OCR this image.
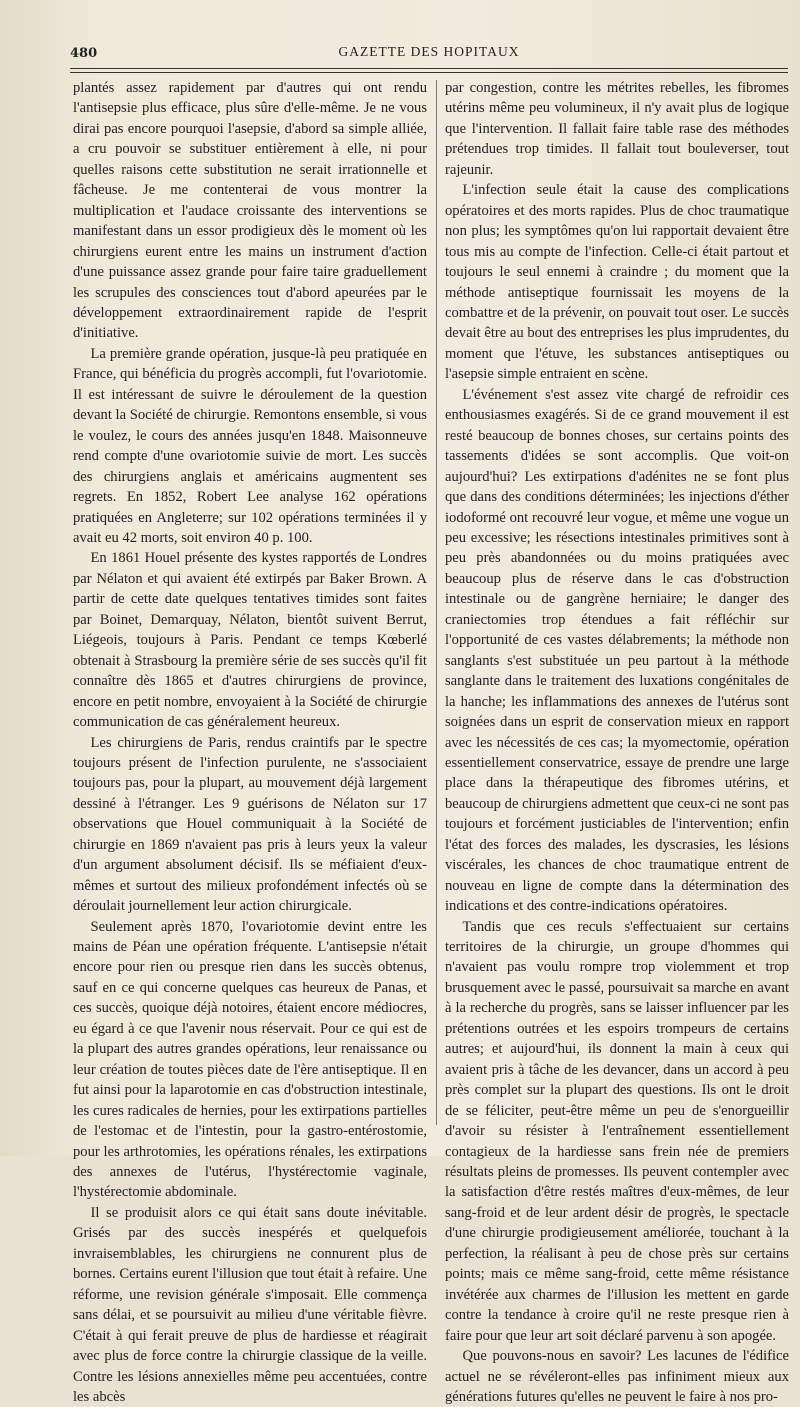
480	GAZETTE DES HOPITAUX

plantés assez rapidement par d'autres qui ont rendu l'antisepsie plus efficace, plus sûre d'elle-même. Je ne vous dirai pas encore pourquoi l'asepsie, d'abord sa simple alliée, a cru pouvoir se substituer entièrement à elle, ni pour quelles raisons cette substitution ne serait irrationnelle et fâcheuse. Je me contenterai de vous montrer la multiplication et l'audace croissante des interventions se manifestant dans un essor prodigieux dès le moment où les chirurgiens eurent entre les mains un instrument d'action d'une puissance assez grande pour faire taire graduellement les scrupules des consciences tout d'abord apeurées par le développement extraordinairement rapide de l'esprit d'initiative.

La première grande opération, jusque-là peu pratiquée en France, qui bénéficia du progrès accompli, fut l'ovariotomie. Il est intéressant de suivre le déroulement de la question devant la Société de chirurgie. Remontons ensemble, si vous le voulez, le cours des années jusqu'en 1848. Maisonneuve rend compte d'une ovariotomie suivie de mort. Les succès des chirurgiens anglais et américains augmentent ses regrets. En 1852, Robert Lee analyse 162 opérations pratiquées en Angleterre; sur 102 opérations terminées il y avait eu 42 morts, soit environ 40 p. 100.

En 1861 Houel présente des kystes rapportés de Londres par Nélaton et qui avaient été extirpés par Baker Brown. A partir de cette date quelques tentatives timides sont faites par Boinet, Demarquay, Nélaton, bientôt suivent Berrut, Liégeois, toujours à Paris. Pendant ce temps Kœberlé obtenait à Strasbourg la première série de ses succès qu'il fit connaître dès 1865 et d'autres chirurgiens de province, encore en petit nombre, envoyaient à la Société de chirurgie communication de cas généralement heureux.

Les chirurgiens de Paris, rendus craintifs par le spectre toujours présent de l'infection purulente, ne s'associaient toujours pas, pour la plupart, au mouvement déjà largement dessiné à l'étranger. Les 9 guérisons de Nélaton sur 17 observations que Houel communiquait à la Société de chirurgie en 1869 n'avaient pas pris à leurs yeux la valeur d'un argument absolument décisif. Ils se méfiaient d'eux-mêmes et surtout des milieux profondément infectés où se déroulait journellement leur action chirurgicale.

Seulement après 1870, l'ovariotomie devint entre les mains de Péan une opération fréquente. L'antisepsie n'était encore pour rien ou presque rien dans les succès obtenus, sauf en ce qui concerne quelques cas heureux de Panas, et ces succès, quoique déjà notoires, étaient encore médiocres, eu égard à ce que l'avenir nous réservait. Pour ce qui est de la plupart des autres grandes opérations, leur renaissance ou leur création de toutes pièces date de l'ère antiseptique. Il en fut ainsi pour la laparotomie en cas d'obstruction intestinale, les cures radicales de hernies, pour les extirpations partielles de l'estomac et de l'intestin, pour la gastro-entérostomie, pour les arthrotomies, les opérations rénales, les extirpations des annexes de l'utérus, l'hystérectomie vaginale, l'hystérectomie abdominale.

Il se produisit alors ce qui était sans doute inévitable. Grisés par des succès inespérés et quelquefois invraisemblables, les chirurgiens ne connurent plus de bornes. Certains eurent l'illusion que tout était à refaire. Une réforme, une revision générale s'imposait. Elle commença sans délai, et se poursuivit au milieu d'une véritable fièvre. C'était à qui ferait preuve de plus de hardiesse et réagirait avec plus de force contre la chirurgie classique de la veille. Contre les lésions annexielles même peu accentuées, contre les abcès

par congestion, contre les métrites rebelles, les fibromes utérins même peu volumineux, il n'y avait plus de logique que l'intervention. Il fallait faire table rase des méthodes prétendues trop timides. Il fallait tout bouleverser, tout rajeunir.

L'infection seule était la cause des complications opératoires et des morts rapides. Plus de choc traumatique non plus; les symptômes qu'on lui rapportait devaient être tous mis au compte de l'infection. Celle-ci était partout et toujours le seul ennemi à craindre ; du moment que la méthode antiseptique fournissait les moyens de la combattre et de la prévenir, on pouvait tout oser. Le succès devait être au bout des entreprises les plus imprudentes, du moment que l'étuve, les substances antiseptiques ou l'asepsie simple entraient en scène.

L'événement s'est assez vite chargé de refroidir ces enthousiasmes exagérés. Si de ce grand mouvement il est resté beaucoup de bonnes choses, sur certains points des tassements d'idées se sont accomplis. Que voit-on aujourd'hui? Les extirpations d'adénites ne se font plus que dans des conditions déterminées; les injections d'éther iodoformé ont recouvré leur vogue, et même une vogue un peu excessive; les résections intestinales primitives sont à peu près abandonnées ou du moins pratiquées avec beaucoup plus de réserve dans le cas d'obstruction intestinale ou de gangrène herniaire; le danger des craniectomies trop étendues a fait réfléchir sur l'opportunité de ces vastes délabrements; la méthode non sanglants s'est substituée un peu partout à la méthode sanglante dans le traitement des luxations congénitales de la hanche; les inflammations des annexes de l'utérus sont soignées dans un esprit de conservation mieux en rapport avec les nécessités de ces cas; la myomectomie, opération essentiellement conservatrice, essaye de prendre une large place dans la thérapeutique des fibromes utérins, et beaucoup de chirurgiens admettent que ceux-ci ne sont pas toujours et forcément justiciables de l'intervention; enfin l'état des forces des malades, les dyscrasies, les lésions viscérales, les chances de choc traumatique entrent de nouveau en ligne de compte dans la détermination des indications et des contre-indications opératoires.

Tandis que ces reculs s'effectuaient sur certains territoires de la chirurgie, un groupe d'hommes qui n'avaient pas voulu rompre trop violemment et trop brusquement avec le passé, poursuivait sa marche en avant à la recherche du progrès, sans se laisser influencer par les prétentions outrées et les espoirs trompeurs de certains autres; et aujourd'hui, ils donnent la main à ceux qui avaient pris à tâche de les devancer, dans un accord à peu près complet sur la plupart des questions. Ils ont le droit de se féliciter, peut-être même un peu de s'enorgueillir d'avoir su résister à l'entraînement essentiellement contagieux de la hardiesse sans frein née de premiers résultats pleins de promesses. Ils peuvent contempler avec la satisfaction d'être restés maîtres d'eux-mêmes, de leur sang-froid et de leur ardent désir de progrès, le spectacle d'une chirurgie prodigieusement améliorée, touchant à la perfection, la réalisant à peu de chose près sur certains points; mais ce même sang-froid, cette même résistance invétérée aux charmes de l'illusion les mettent en garde contre la tendance à croire qu'il ne reste presque rien à faire pour que leur art soit déclaré parvenu à son apogée.

Que pouvons-nous en savoir? Les lacunes de l'édifice actuel ne se révéleront-elles pas infiniment mieux aux générations futures qu'elles ne peuvent le faire à nos pro-
